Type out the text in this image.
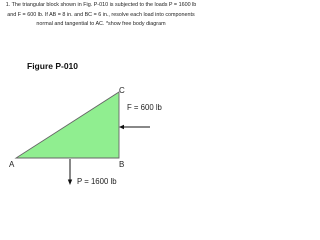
1. The triangular block shown in Fig. P-010 is subjected to the loads P = 1600 lb and F = 600 lb. If AB = 8 in. and BC = 6 in., resolve each load into components normal and tangential to AC. *show free body diagram

Figure P-010

A	B
C
F = 600 lb
P = 1600 lb
